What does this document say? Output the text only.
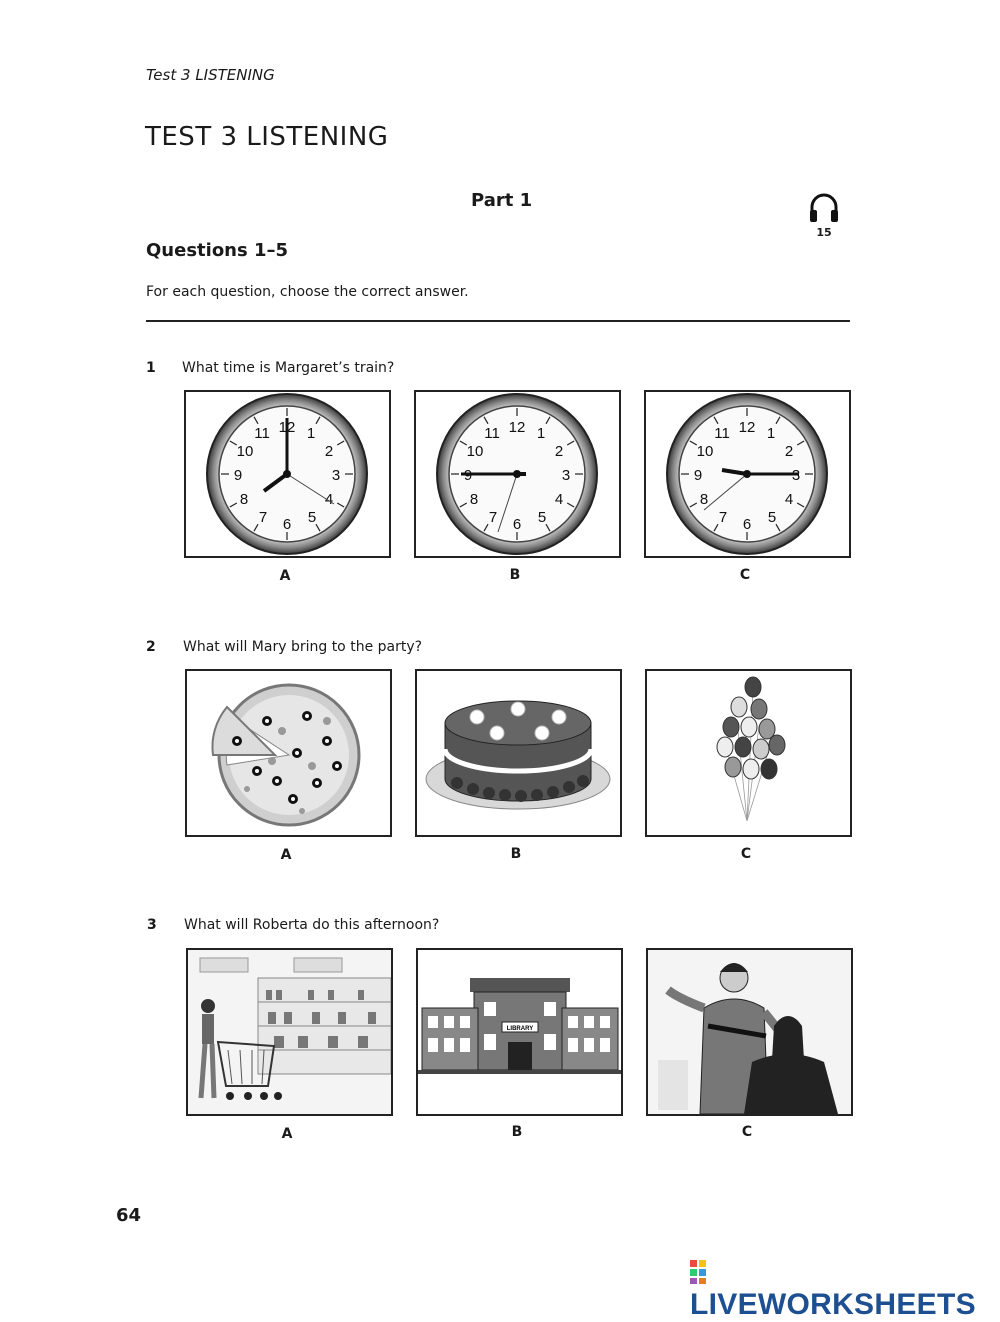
Test 3 LISTENING
TEST 3 LISTENING
Part 1
15
Questions 1–5
For each question, choose the correct answer.
1 What time is Margaret’s train?
A	B	C
2 What will Mary bring to the party?
A	B	C
3 What will Roberta do this afternoon?
A
LIBRARY
B	C
64
LIVEWORKSHEETS
